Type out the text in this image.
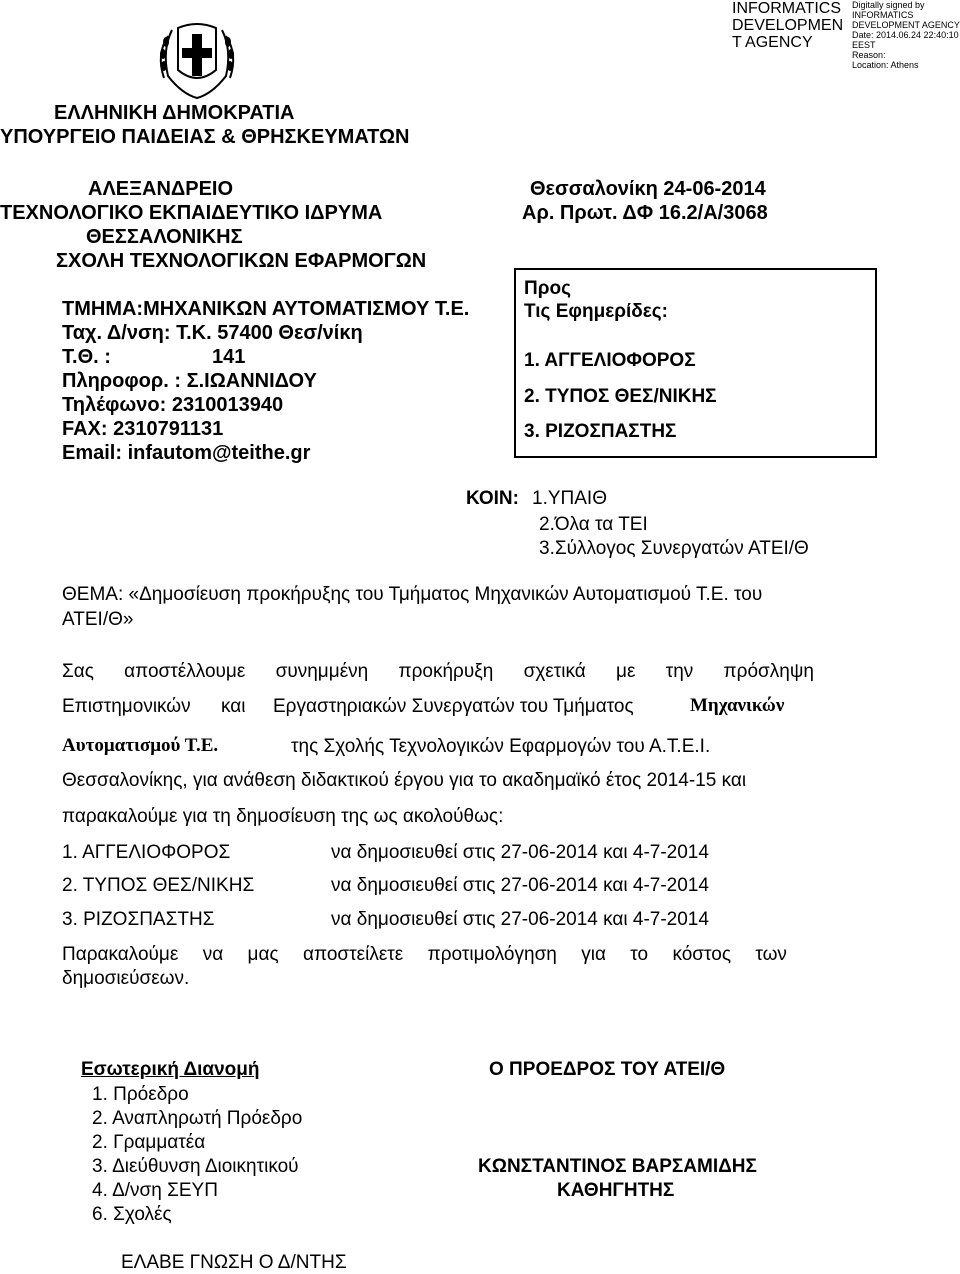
INFORMATICS
DEVELOPMEN
T AGENCY
Digitally signed by
INFORMATICS
DEVELOPMENT AGENCY
Date: 2014.06.24 22:40:10
EEST
Reason:
Location: Athens
ΕΛΛΗΝΙΚΗ ΔΗΜΟΚΡΑΤΙΑ
ΥΠΟΥΡΓΕΙΟ ΠΑΙΔΕΙΑΣ & ΘΡΗΣΚΕΥΜΑΤΩΝ
ΑΛΕΞΑΝΔΡΕΙΟ
ΤΕΧΝΟΛΟΓΙΚΟ ΕΚΠΑΙΔΕΥΤΙΚΟ ΙΔΡΥΜΑ
ΘΕΣΣΑΛΟΝΙΚΗΣ
ΣΧΟΛΗ ΤΕΧΝΟΛΟΓΙΚΩΝ ΕΦΑΡΜΟΓΩΝ
ΤΜΗΜΑ:ΜΗΧΑΝΙΚΩΝ ΑΥΤΟΜΑΤΙΣΜΟΥ Τ.Ε.
Ταχ. Δ/νση: Τ.Κ. 57400 Θεσ/νίκη
Τ.Θ. :	141
Πληροφορ. : Σ.ΙΩΑΝΝΙΔΟΥ
Τηλέφωνο: 2310013940
FAX: 2310791131
Email: infautom@teithe.gr
Θεσσαλονίκη 24-06-2014
Αρ. Πρωτ. ΔΦ 16.2/Α/3068
Προς
Τις Εφημερίδες:
1. ΑΓΓΕΛΙΟΦΟΡΟΣ
2. ΤΥΠΟΣ ΘΕΣ/ΝΙΚΗΣ
3. ΡΙΖΟΣΠΑΣΤΗΣ
ΚΟΙΝ: 1.ΥΠΑΙΘ
2.Όλα τα ΤΕΙ
3.Σύλλογος Συνεργατών ΑΤΕΙ/Θ
ΘΕΜΑ: «Δημοσίευση προκήρυξης του Τμήματος Μηχανικών Αυτοματισμού Τ.Ε. του
ΑΤΕΙ/Θ»
Σας αποστέλλουμε συνημμένη προκήρυξη σχετικά με την πρόσληψη
Επιστημονικών και Εργαστηριακών Συνεργατών του Τμήματος	Μηχανικών
Αυτοματισμού Τ.Ε.	της Σχολής Τεχνολογικών Εφαρμογών του Α.Τ.Ε.Ι.
Θεσσαλονίκης, για ανάθεση διδακτικού έργου για το ακαδημαϊκό έτος 2014-15 και
παρακαλούμε για τη δημοσίευση της ως ακολούθως:
1. ΑΓΓΕΛΙΟΦΟΡΟΣ	να δημοσιευθεί στις 27-06-2014 και 4-7-2014
2. ΤΥΠΟΣ ΘΕΣ/ΝΙΚΗΣ	να δημοσιευθεί στις 27-06-2014 και 4-7-2014
3. ΡΙΖΟΣΠΑΣΤΗΣ	να δημοσιευθεί στις 27-06-2014 και 4-7-2014
Παρακαλούμε να μας αποστείλετε προτιμολόγηση για το κόστος των
δημοσιεύσεων.
Εσωτερική Διανομή
1. Πρόεδρο
2. Αναπληρωτή Πρόεδρο
2. Γραμματέα
3. Διεύθυνση Διοικητικού
4. Δ/νση ΣΕΥΠ
6. Σχολές
Ο ΠΡΟΕΔΡΟΣ ΤΟΥ ΑΤΕΙ/Θ
ΚΩΝΣΤΑΝΤΙΝΟΣ ΒΑΡΣΑΜΙΔΗΣ
ΚΑΘΗΓΗΤΗΣ
ΕΛΑΒΕ ΓΝΩΣΗ Ο Δ/ΝΤΗΣ
